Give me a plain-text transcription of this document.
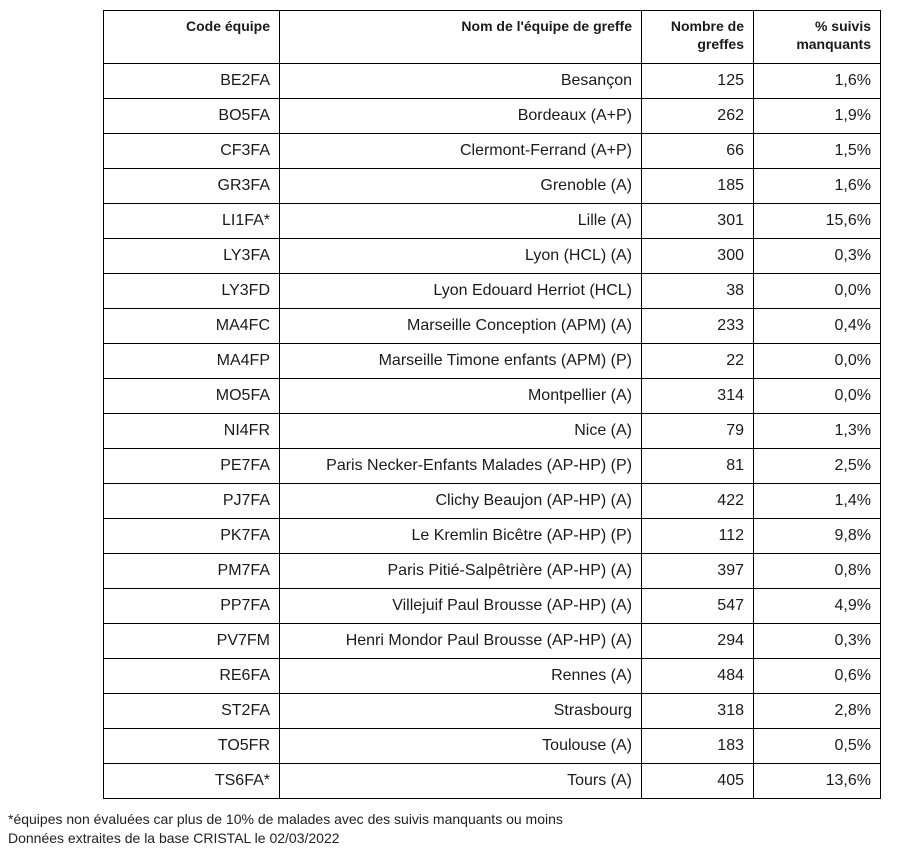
Code équipe	Nom de l'équipe de greffe	Nombre de greffes	% suivis manquants
BE2FA	Besançon	125	1,6%
BO5FA	Bordeaux (A+P)	262	1,9%
CF3FA	Clermont-Ferrand (A+P)	66	1,5%
GR3FA	Grenoble (A)	185	1,6%
LI1FA*	Lille (A)	301	15,6%
LY3FA	Lyon (HCL) (A)	300	0,3%
LY3FD	Lyon Edouard Herriot (HCL)	38	0,0%
MA4FC	Marseille Conception (APM) (A)	233	0,4%
MA4FP	Marseille Timone enfants (APM) (P)	22	0,0%
MO5FA	Montpellier (A)	314	0,0%
NI4FR	Nice (A)	79	1,3%
PE7FA	Paris Necker-Enfants Malades (AP-HP) (P)	81	2,5%
PJ7FA	Clichy Beaujon (AP-HP) (A)	422	1,4%
PK7FA	Le Kremlin Bicêtre (AP-HP) (P)	112	9,8%
PM7FA	Paris Pitié-Salpêtrière (AP-HP) (A)	397	0,8%
PP7FA	Villejuif Paul Brousse (AP-HP) (A)	547	4,9%
PV7FM	Henri Mondor Paul Brousse (AP-HP) (A)	294	0,3%
RE6FA	Rennes (A)	484	0,6%
ST2FA	Strasbourg	318	2,8%
TO5FR	Toulouse (A)	183	0,5%
TS6FA*	Tours (A)	405	13,6%
*équipes non évaluées car plus de 10% de malades avec des suivis manquants ou moins
Données extraites de la base CRISTAL le 02/03/2022
